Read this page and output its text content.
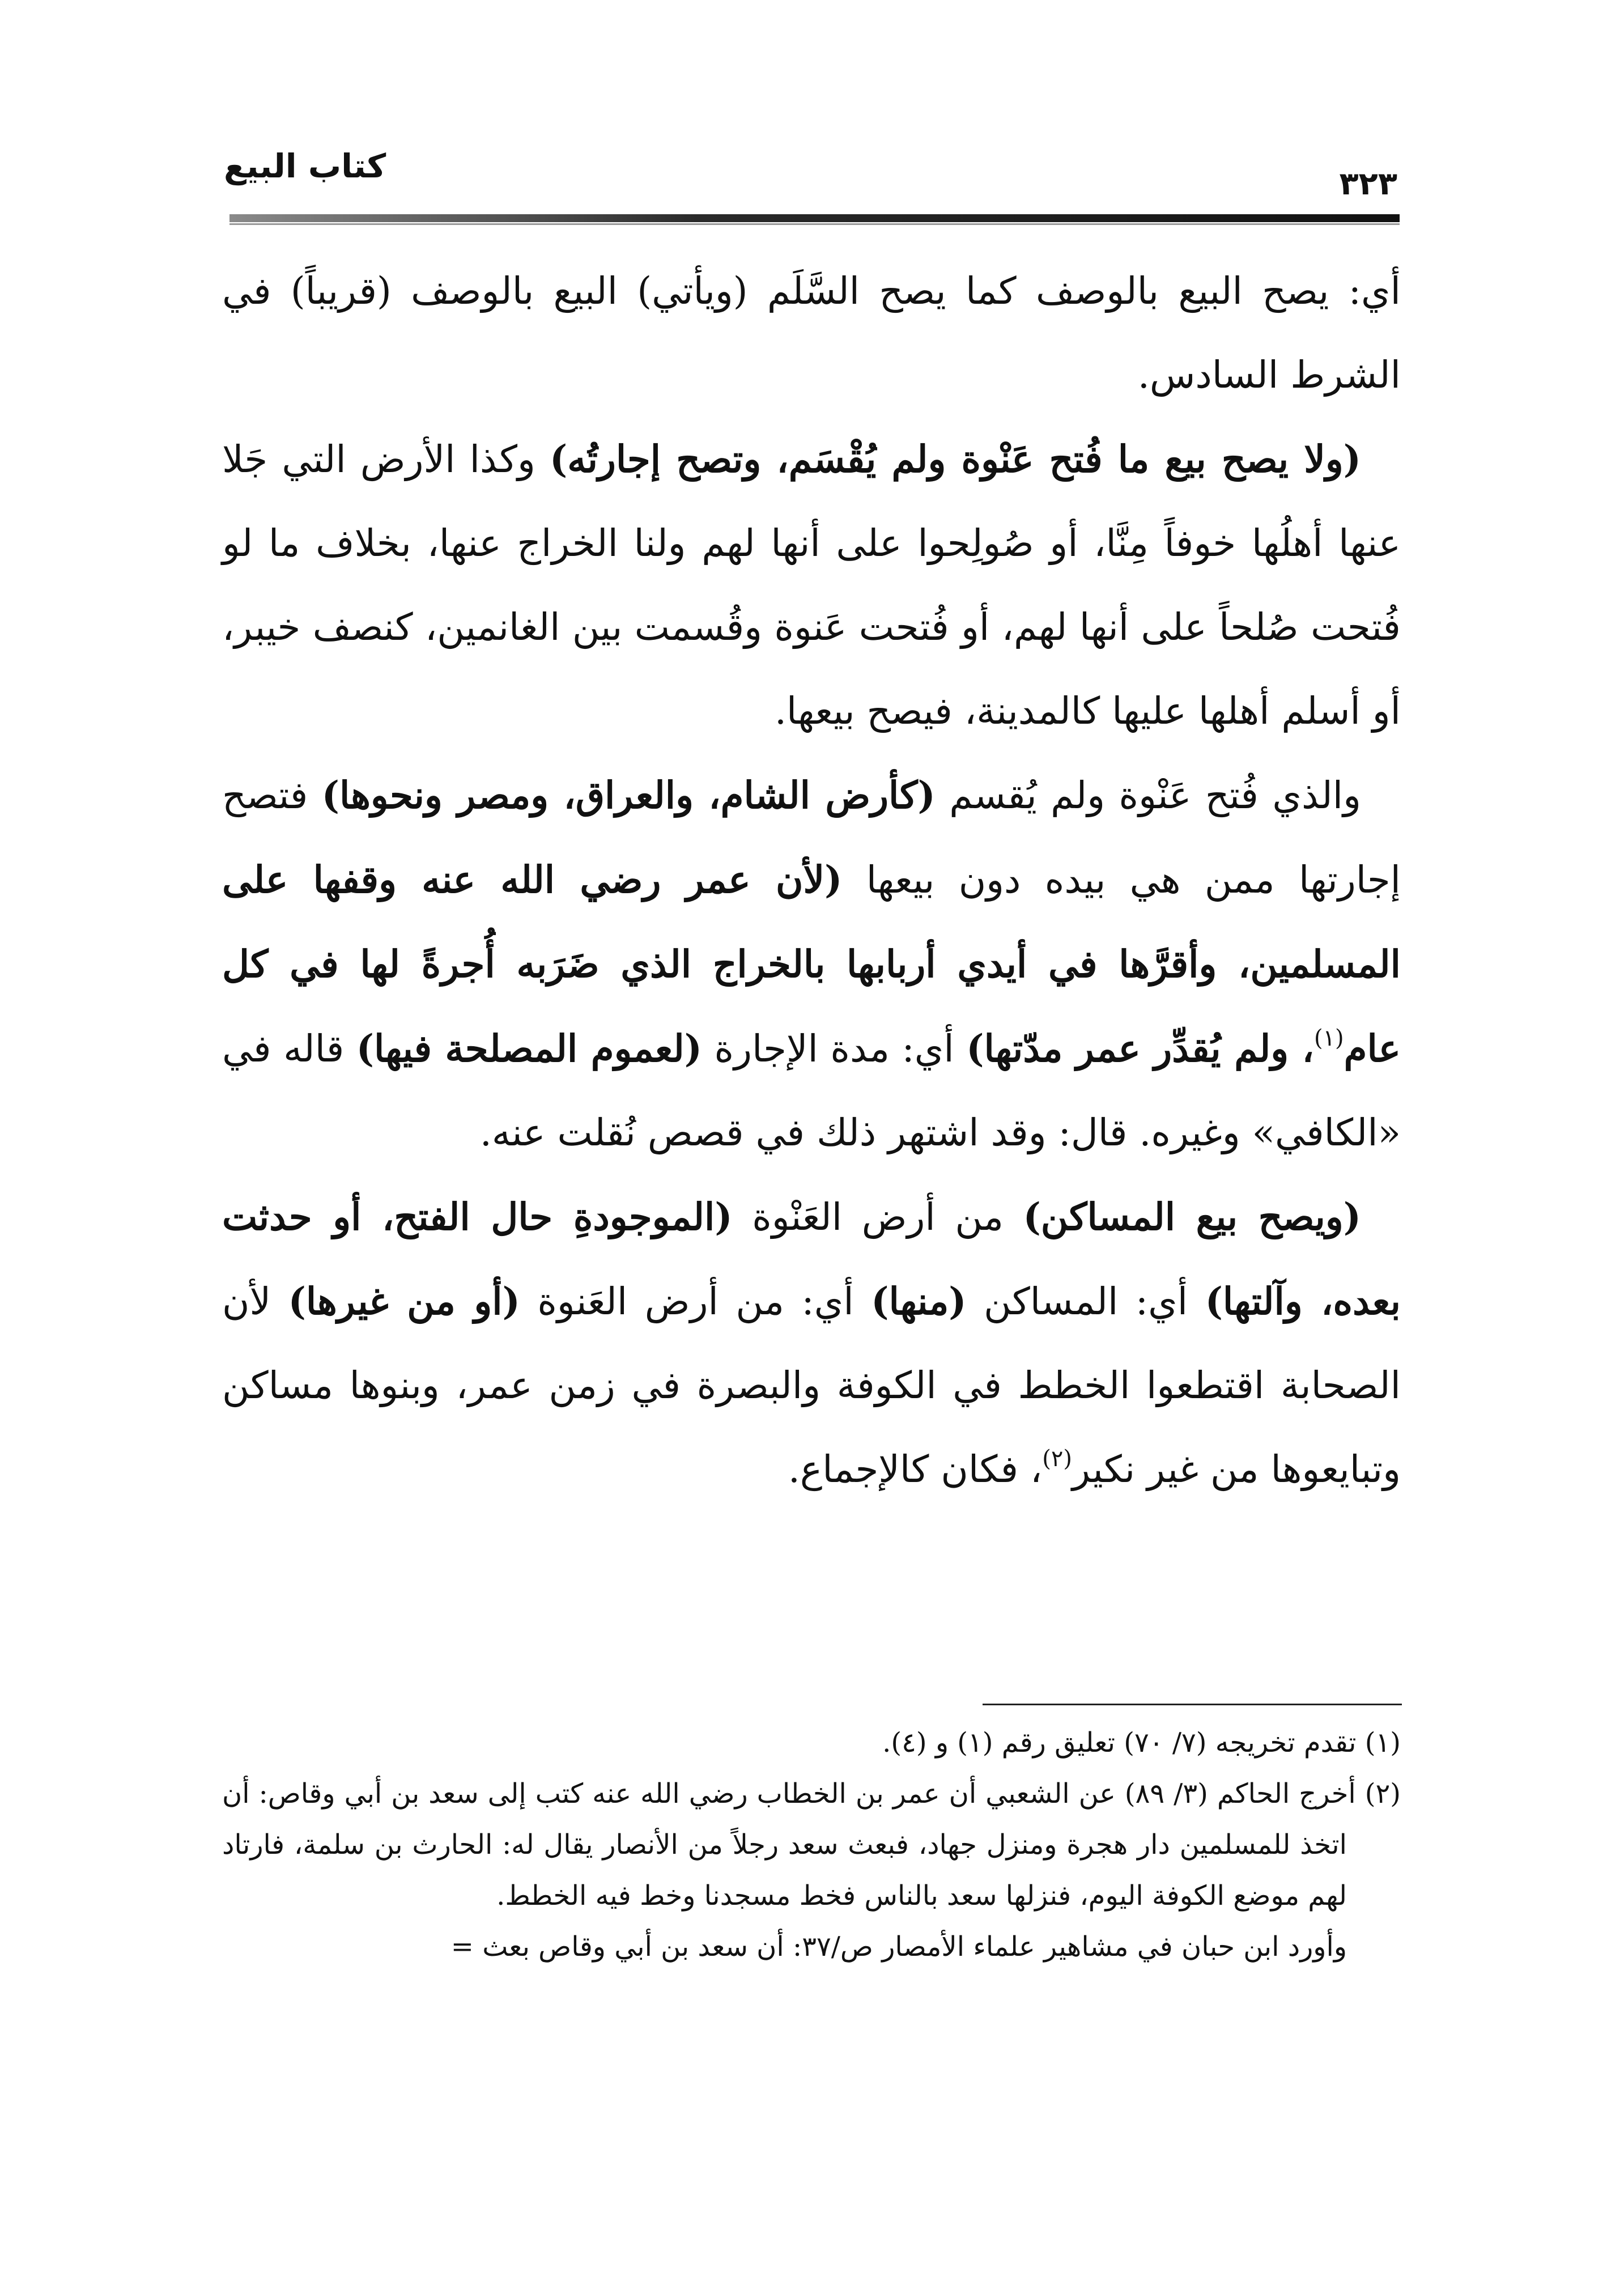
كتاب البيع	٣٢٣

أي: يصح البيع بالوصف كما يصح السَّلَم (ويأتي) البيع بالوصف (قريباً) في الشرط السادس.

(ولا يصح بيع ما فُتح عَنْوة ولم يُقْسَم، وتصح إجارتُه) وكذا الأرض التي جَلا عنها أهلُها خوفاً مِنَّا، أو صُولِحوا على أنها لهم ولنا الخراج عنها، بخلاف ما لو فُتحت صُلحاً على أنها لهم، أو فُتحت عَنوة وقُسمت بين الغانمين، كنصف خيبر، أو أسلم أهلها عليها كالمدينة، فيصح بيعها.

والذي فُتح عَنْوة ولم يُقسم (كأرض الشام، والعراق، ومصر ونحوها) فتصح إجارتها ممن هي بيده دون بيعها (لأن عمر رضي الله عنه وقفها على المسلمين، وأقرَّها في أيدي أربابها بالخراج الذي ضَرَبه أُجرةً لها في كل عام$^{(١)}$، ولم يُقدِّر عمر مدّتها) أي: مدة الإجارة (لعموم المصلحة فيها) قاله في «الكافي» وغيره. قال: وقد اشتهر ذلك في قصص نُقلت عنه.

(ويصح بيع المساكن) من أرض العَنْوة (الموجودةِ حال الفتح، أو حدثت بعده، وآلتها) أي: المساكن (منها) أي: من أرض العَنوة (أو من غيرها) لأن الصحابة اقتطعوا الخطط في الكوفة والبصرة في زمن عمر، وبنوها مساكن وتبايعوها من غير نكير$^{(٢)}$، فكان كالإجماع.

(١) تقدم تخريجه (٧/ ٧٠) تعليق رقم (١) و (٤).

(٢) أخرج الحاكم (٣/ ٨٩) عن الشعبي أن عمر بن الخطاب رضي الله عنه كتب إلى سعد بن أبي وقاص: أن اتخذ للمسلمين دار هجرة ومنزل جهاد، فبعث سعد رجلاً من الأنصار يقال له: الحارث بن سلمة، فارتاد لهم موضع الكوفة اليوم، فنزلها سعد بالناس فخط مسجدنا وخط فيه الخطط.

وأورد ابن حبان في مشاهير علماء الأمصار ص/٣٧: أن سعد بن أبي وقاص بعث =
